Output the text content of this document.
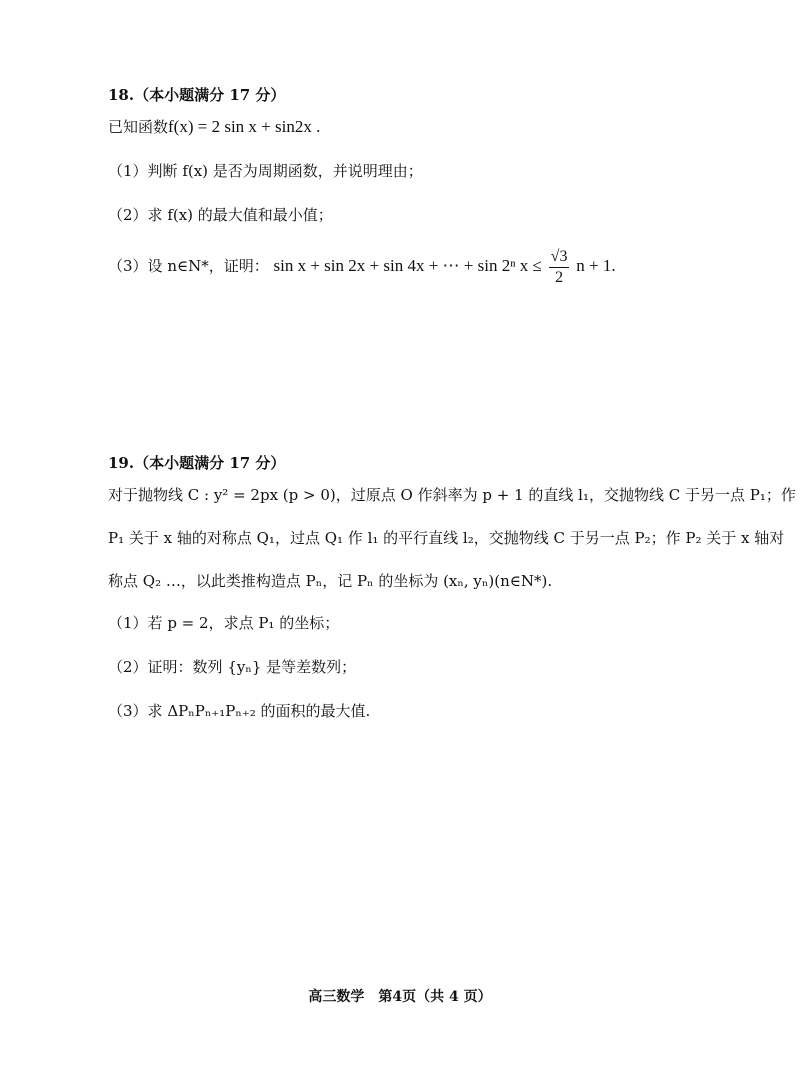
18.（本小题满分 17 分）
已知函数f(x) = 2 sin x + sin2x .
（1）判断 f(x) 是否为周期函数，并说明理由；
（2）求 f(x) 的最大值和最小值；
（3）设 n∈N*，证明： sin x + sin 2x + sin 4x + ⋯ + sin 2ⁿ $x \le \frac{√3}{2}$ n + 1.
19.（本小题满分 17 分）
对于抛物线 C : y² = 2px (p > 0)，过原点 O 作斜率为 p + 1 的直线 l₁，交抛物线 C 于另一点 P₁；作
P₁ 关于 x 轴的对称点 Q₁，过点 Q₁ 作 l₁ 的平行直线 l₂，交抛物线 C 于另一点 P₂；作 P₂ 关于 x 轴对
称点 Q₂ …，以此类推构造点 Pₙ，记 Pₙ 的坐标为 (xₙ, yₙ)(n∈N*).
（1）若 p = 2，求点 P₁ 的坐标；
（2）证明：数列 {yₙ} 是等差数列；
（3）求 ΔPₙPₙ₊₁Pₙ₊₂ 的面积的最大值.
高三数学　第4页（共 4 页）
